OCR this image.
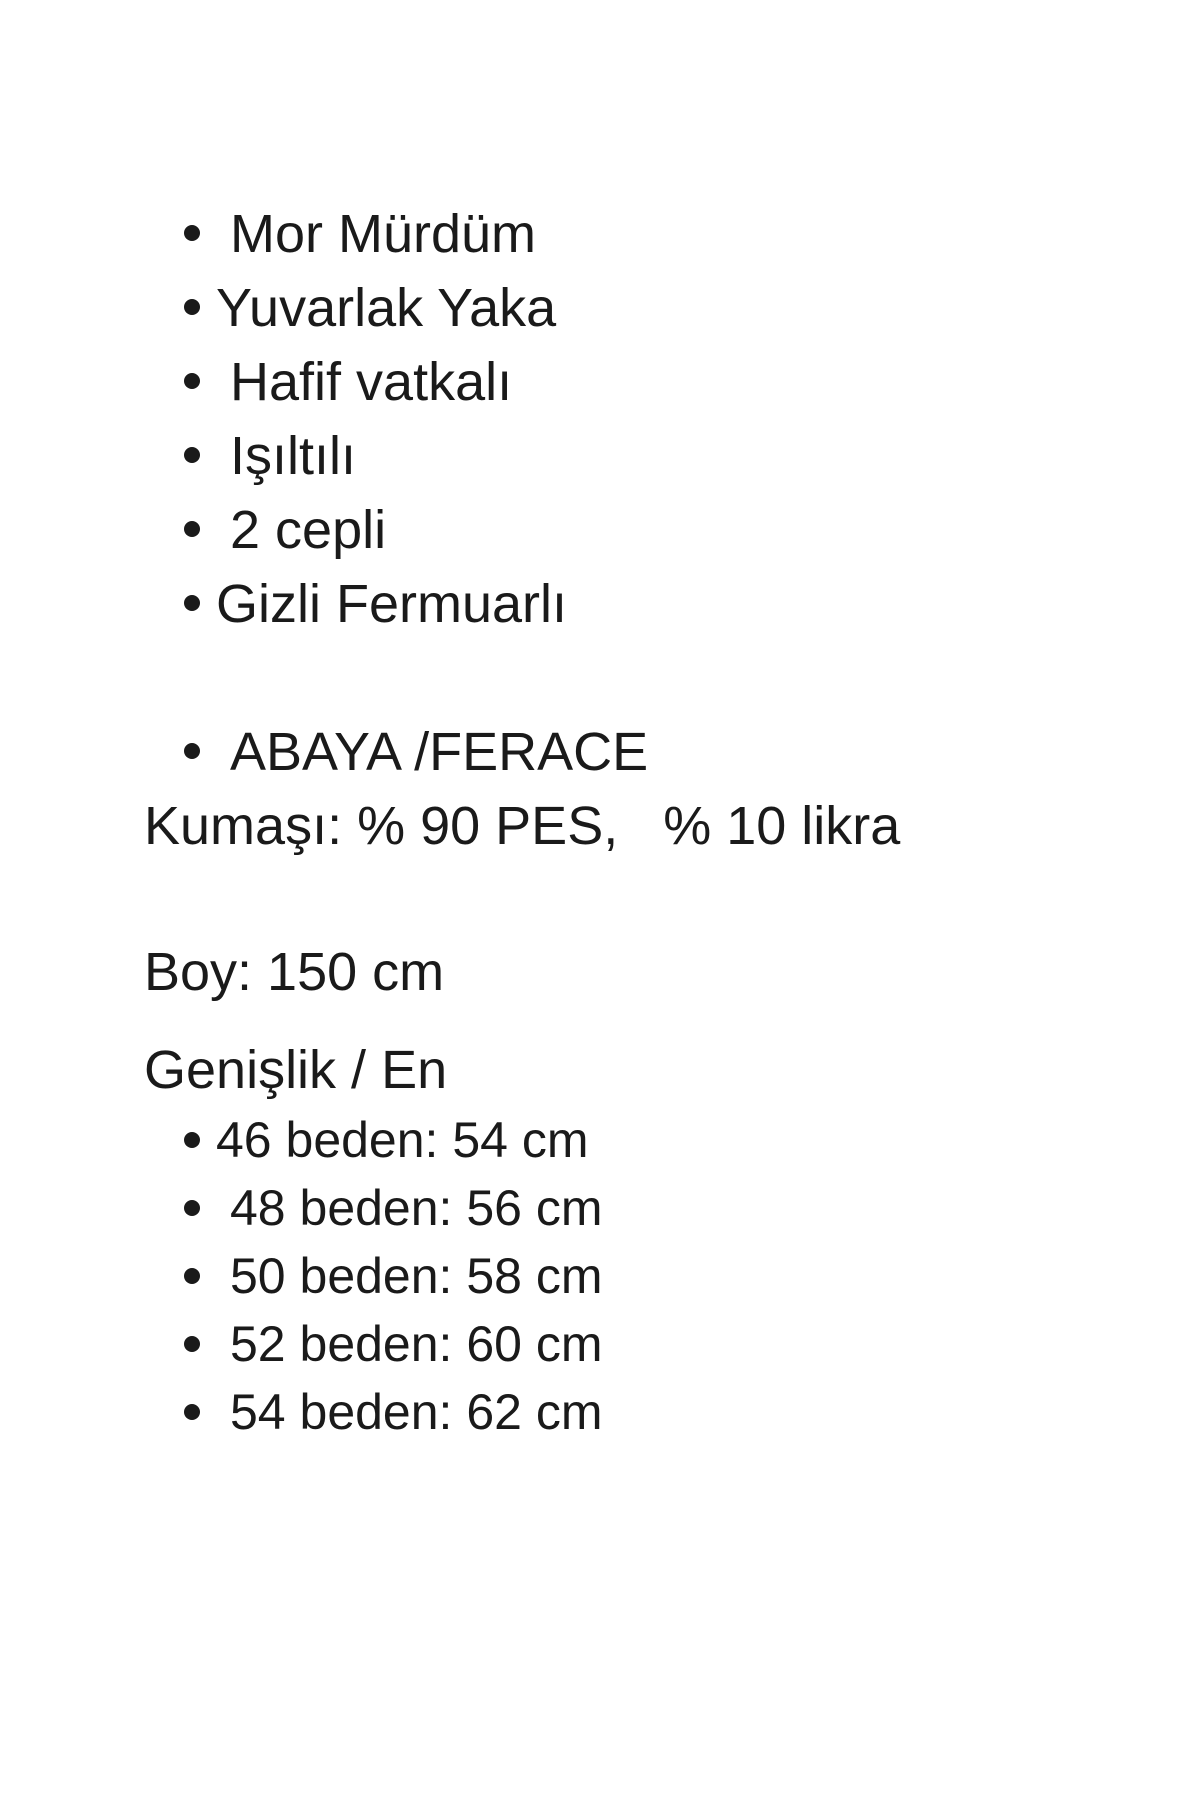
Mor Mürdüm
Yuvarlak Yaka
Hafif vatkalı
Işıltılı
2 cepli
Gizli Fermuarlı
ABAYA /FERACE
Kumaşı: % 90 PES,   % 10 likra
Boy: 150 cm
Genişlik / En
46 beden: 54 cm
48 beden: 56 cm
50 beden: 58 cm
52 beden: 60 cm
54 beden: 62 cm
